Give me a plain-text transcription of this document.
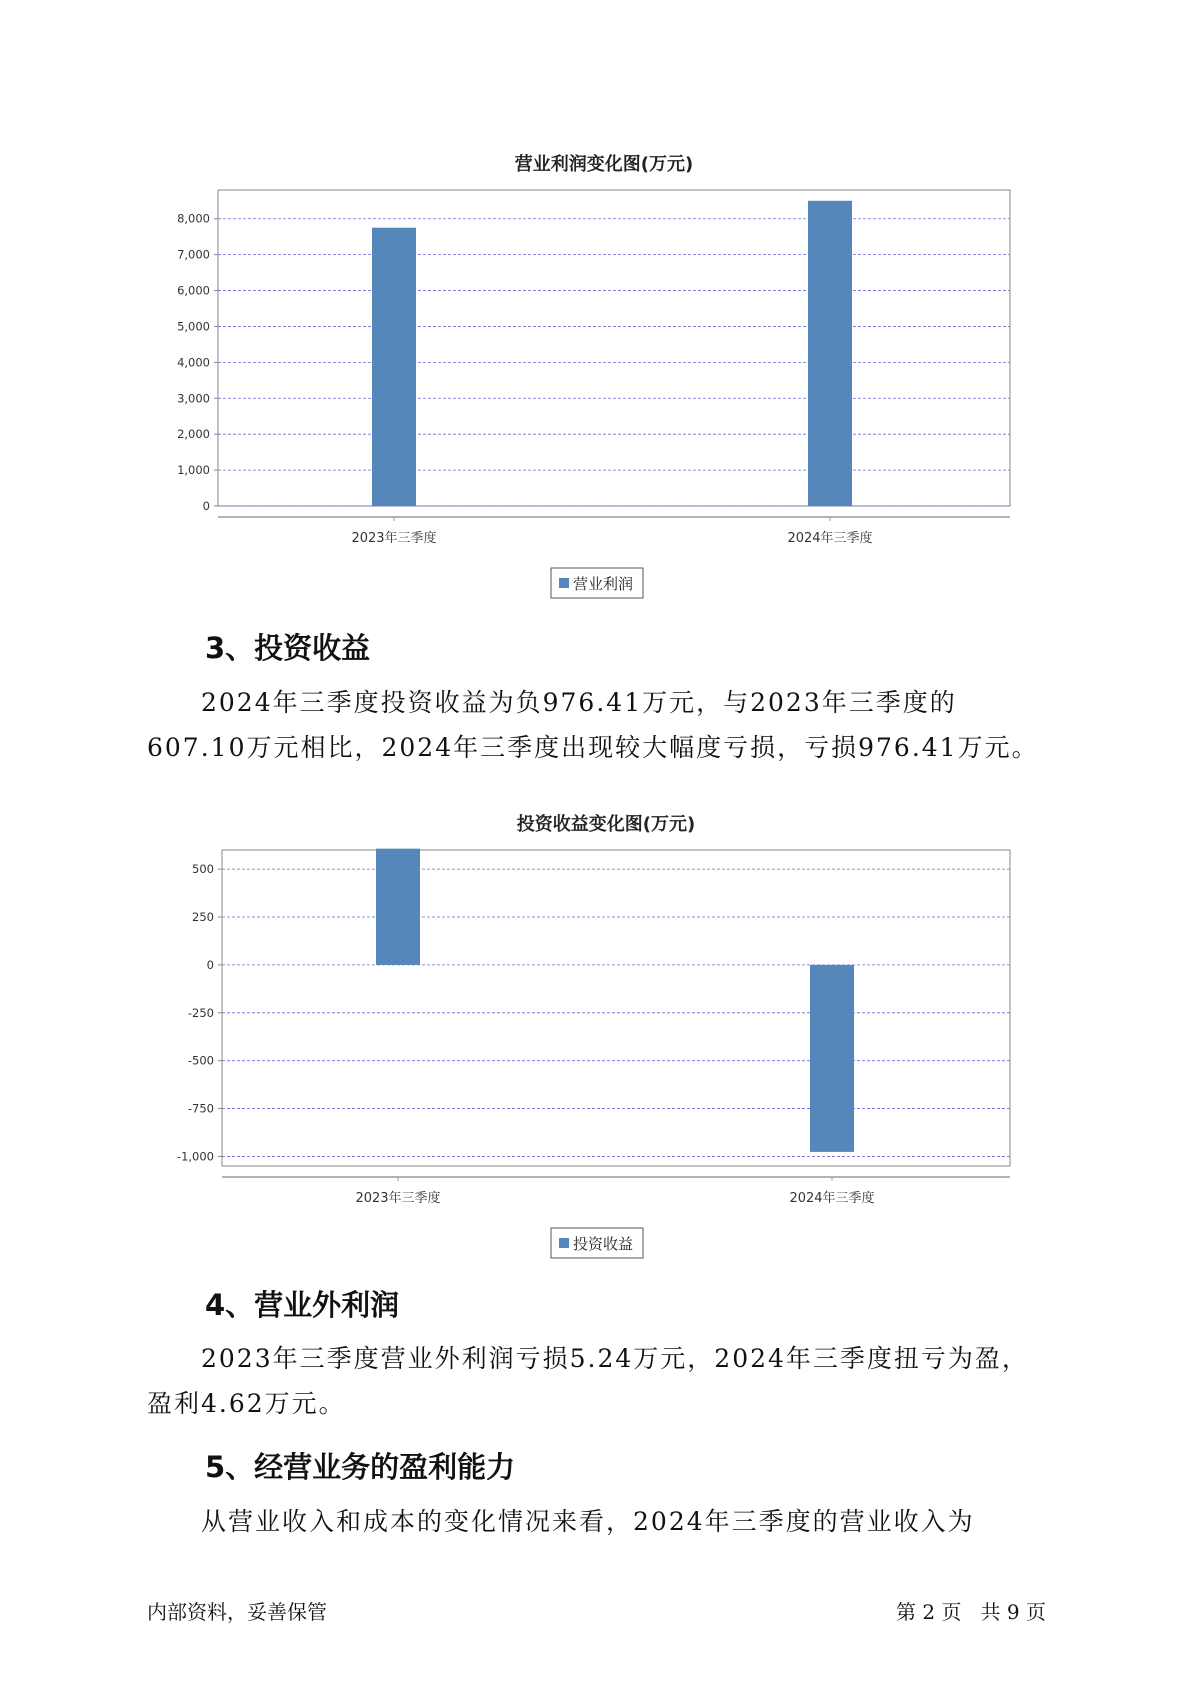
营业利润变化图(万元)
0
1,000
2,000
3,000
4,000
5,000
6,000
7,000
8,000
2023年三季度	2024年三季度
营业利润
3、投资收益

2024年三季度投资收益为负976.41万元，与2023年三季度的607.10万元相比，2024年三季度出现较大幅度亏损，亏损976.41万元。

投资收益变化图(万元)
-1,000
-750
-500
-250
0
250
500
2023年三季度	2024年三季度
投资收益
4、营业外利润

2023年三季度营业外利润亏损5.24万元，2024年三季度扭亏为盈，盈利4.62万元。

5、经营业务的盈利能力

从营业收入和成本的变化情况来看，2024年三季度的营业收入为

内部资料，妥善保管	第 2 页   共 9 页
